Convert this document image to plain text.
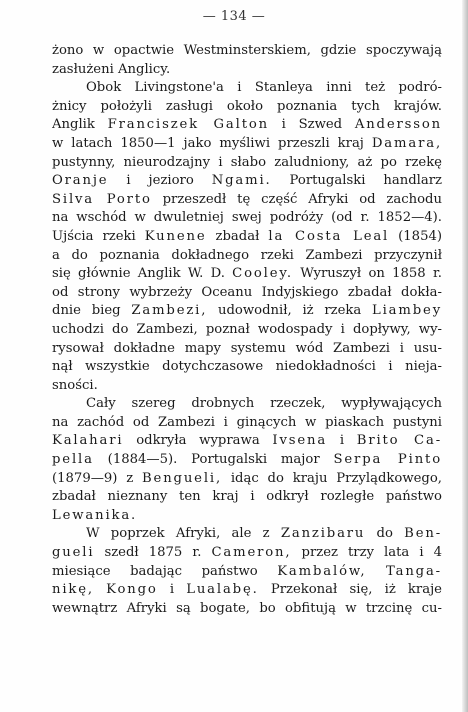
— 134 —
żono w opactwie Westminsterskiem, gdzie spoczywają
zasłużeni Anglicy.
Obok Livingstone'a i Stanleya inni też podró-
żnicy położyli zasługi około poznania tych krajów.
Anglik Franciszek Galton i Szwed Andersson
w latach 1850—1 jako myśliwi przeszli kraj Damara,
pustynny, nieurodzajny i słabo zaludniony, aż po rzekę
Oranje i jezioro Ngami. Portugalski handlarz
Silva Porto przeszedł tę część Afryki od zachodu
na wschód w dwuletniej swej podróży (od r. 1852—4).
Ujścia rzeki Kunene zbadał la Costa Leal (1854)
a do poznania dokładnego rzeki Zambezi przyczynił
się głównie Anglik W. D. Cooley. Wyruszył on 1858 r.
od strony wybrzeży Oceanu Indyjskiego zbadał dokła-
dnie bieg Zambezi, udowodnił, iż rzeka Liambey
uchodzi do Zambezi, poznał wodospady i dopływy, wy-
rysował dokładne mapy systemu wód Zambezi i usu-
nął wszystkie dotychczasowe niedokładności i nieja-
sności.
Cały szereg drobnych rzeczek, wypływających
na zachód od Zambezi i ginących w piaskach pustyni
Kalahari odkryła wyprawa Ivsena i Brito Ca-
pella (1884—5). Portugalski major Serpa Pinto
(1879—9) z Benguelі, idąc do kraju Przylądkowego,
zbadał nieznany ten kraj i odkrył rozległe państwo
Lewanika.
W poprzek Afryki, ale z Zanzibaru do Ben-
gueli szedł 1875 r. Cameron, przez trzy lata i 4
miesiące badając państwo Kambalów, Tanga-
nikę, Kongo i Lualabę. Przekonał się, iż kraje
wewnątrz Afryki są bogate, bo obfitują w trzcinę cu-
